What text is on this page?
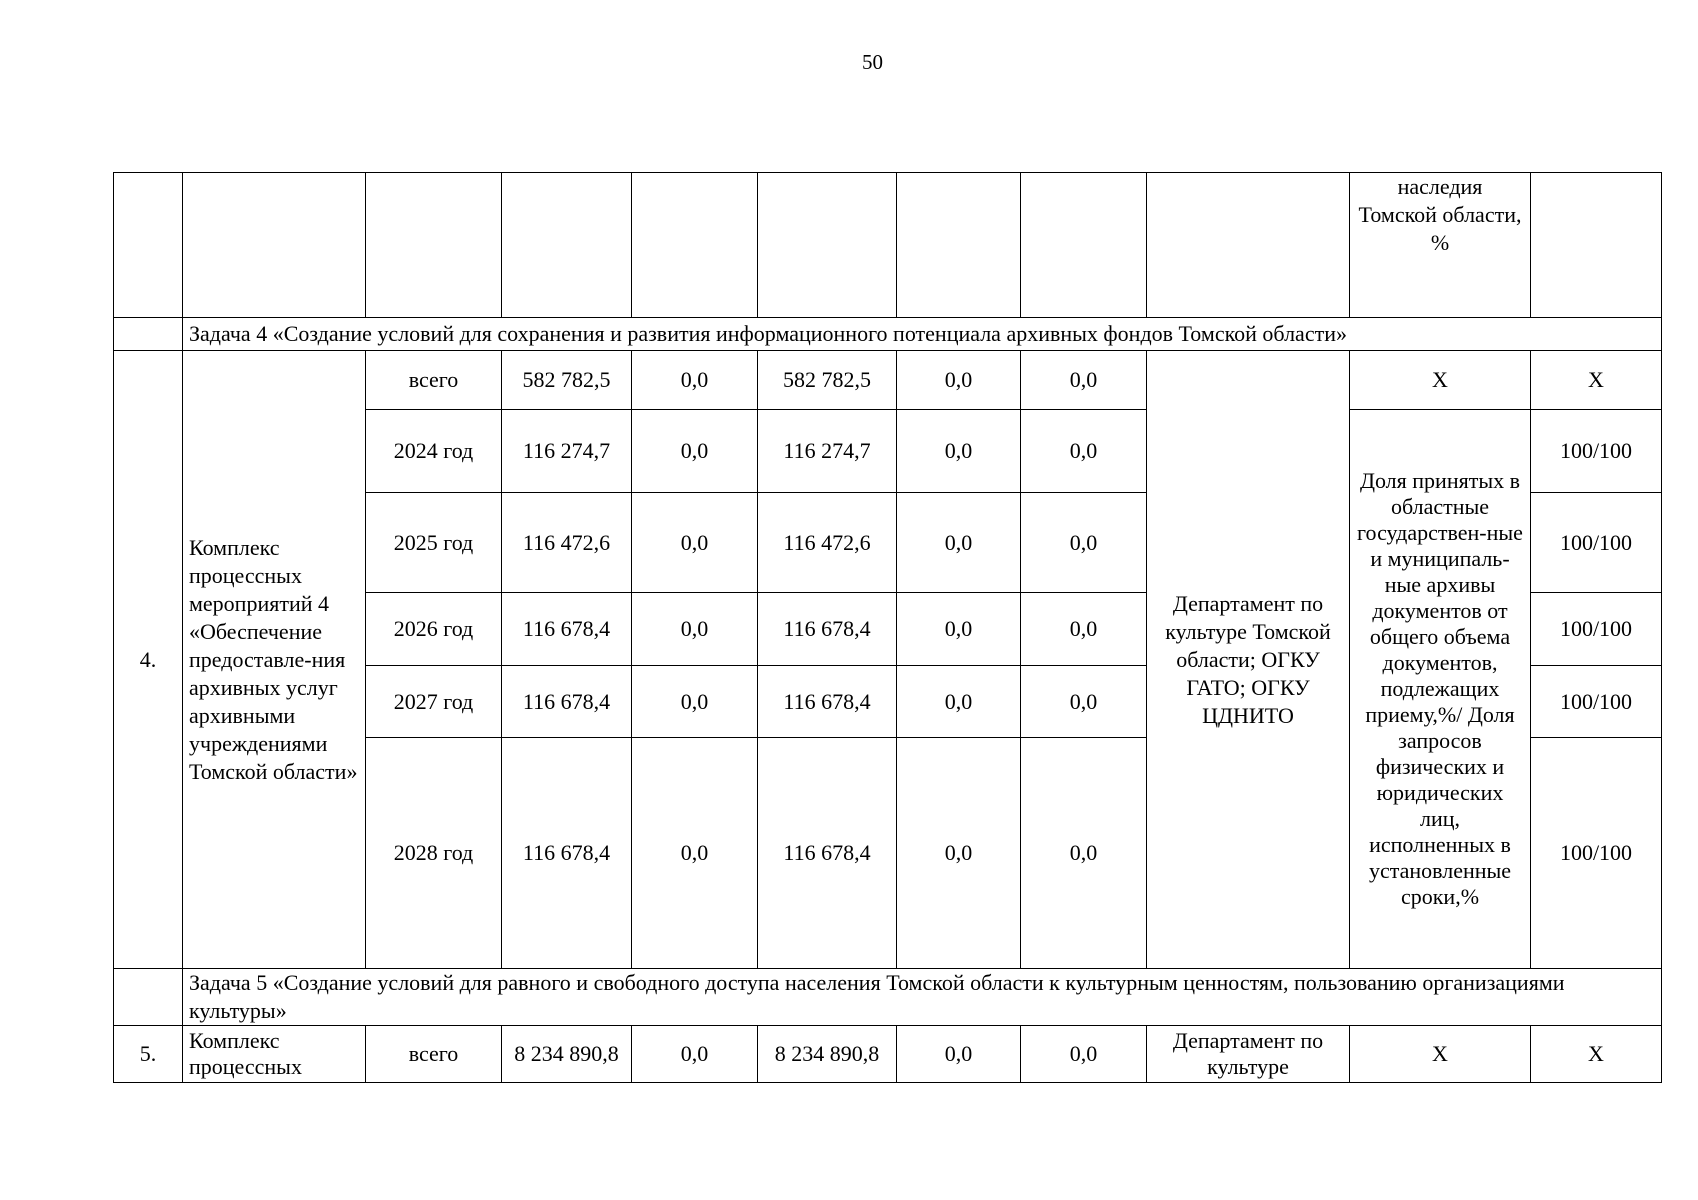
50
									наследия Томской области, %	
	Задача 4 «Создание условий для сохранения и развития информационного потенциала архивных фондов Томской области»									
4.	Комплекс процессных мероприятий 4 «Обеспечение предоставле-ния архивных услуг архивными учреждениями Томской области»	всего	582 782,5	0,0	582 782,5	0,0	0,0	Департамент по культуре Томской области; ОГКУ ГАТО; ОГКУ ЦДНИТО	X	X
		2024 год	116 274,7	0,0	116 274,7	0,0	0,0		Доля принятых в областные государствен-ные и муниципаль-ные архивы документов от общего объема документов, подлежащих приему,%/ Доля запросов физических и юридических лиц, исполненных в установленные сроки,%	100/100
		2025 год	116 472,6	0,0	116 472,6	0,0	0,0			100/100
		2026 год	116 678,4	0,0	116 678,4	0,0	0,0			100/100
		2027 год	116 678,4	0,0	116 678,4	0,0	0,0			100/100
		2028 год	116 678,4	0,0	116 678,4	0,0	0,0			100/100
	Задача 5 «Создание условий для равного и свободного доступа населения Томской области к культурным ценностям, пользованию организациями культуры»									
5.	Комплекс процессных	всего	8 234 890,8	0,0	8 234 890,8	0,0	0,0	Департамент по культуре	X	X
